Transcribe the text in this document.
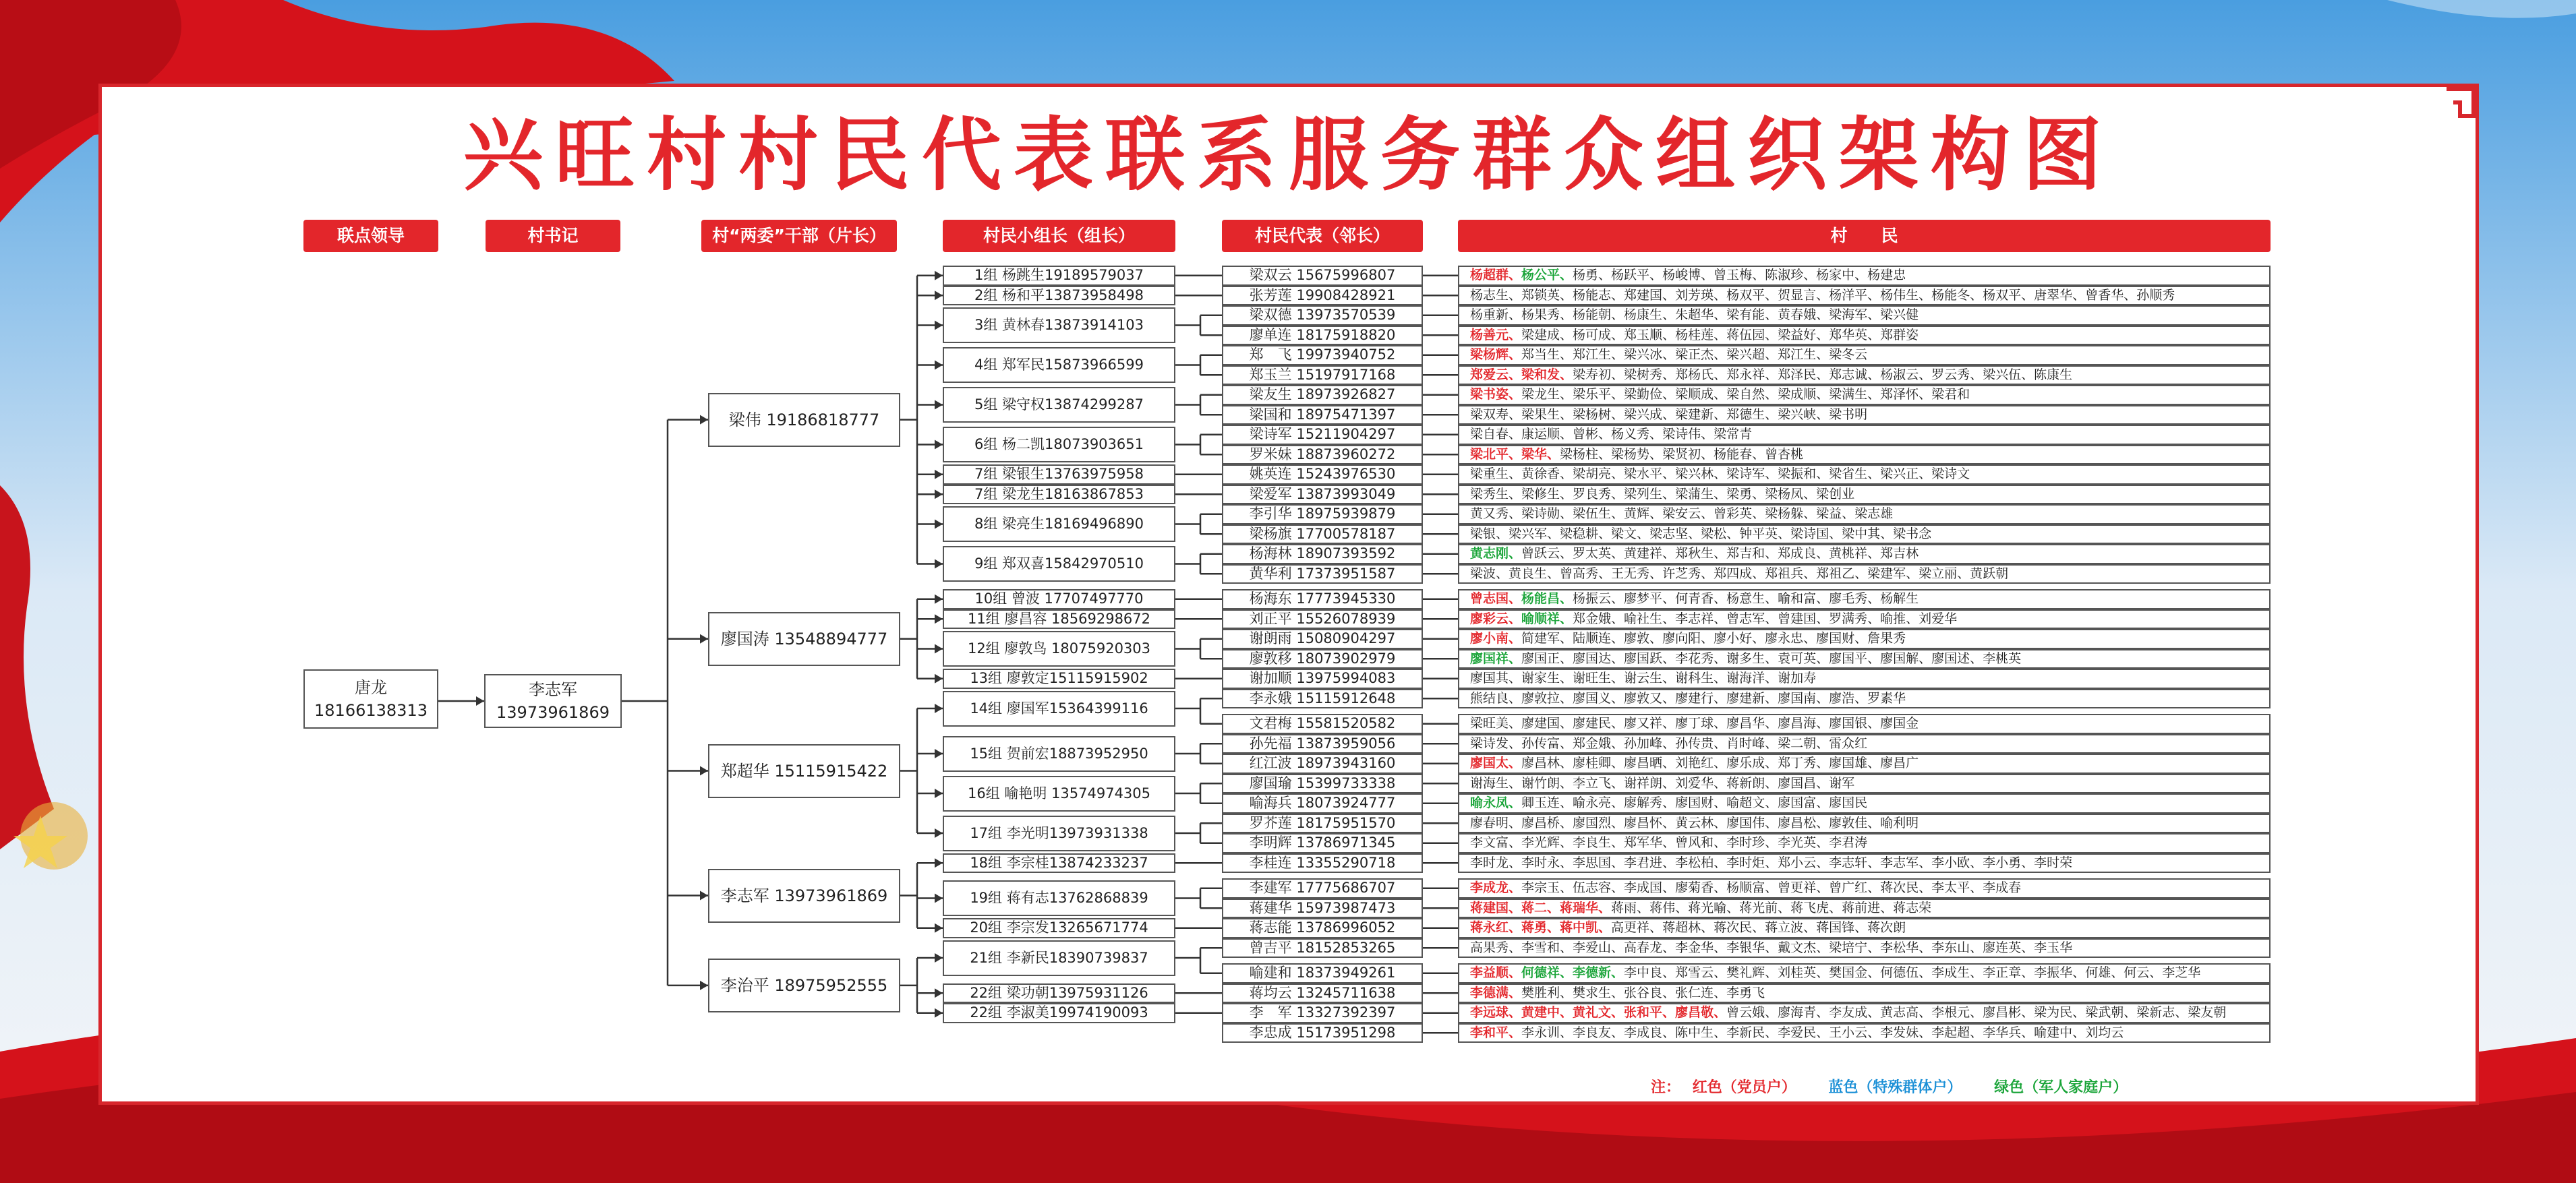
兴旺村村民代表联系服务群众组织架构图
联点领导	村书记	村“两委”干部（片长）	村民小组长（组长）	村民代表（邻长）	村　　民
唐龙
18166138313
李志军
13973961869
梁双云 15675996807	杨超群、杨公平、杨勇、杨跃平、杨峻博、曾玉梅、陈淑珍、杨家中、杨建忠
张芳莲 19908428921	杨志生、郑锁英、杨能志、郑建国、刘芳瑛、杨双平、贺显言、杨洋平、杨伟生、杨能冬、杨双平、唐翠华、曾香华、孙顺秀
梁双德 13973570539	杨重新、杨果秀、杨能朝、杨康生、朱超华、梁有能、黄春娥、梁海军、梁兴健
廖单连 18175918820	杨善元、梁建成、杨可成、郑玉顺、杨桂莲、蒋伍园、梁益好、郑华英、郑群姿
郑　飞 19973940752	梁杨辉、郑当生、郑江生、梁兴冰、梁正杰、梁兴超、郑江生、梁冬云
郑玉兰 15197917168	郑爱云、梁和发、梁寿初、梁树秀、郑杨氏、郑永祥、郑泽民、郑志诚、杨淑云、罗云秀、梁兴伍、陈康生
梁友生 18973926827	梁书姿、梁龙生、梁乐平、梁勤俭、梁顺成、梁自然、梁成顺、梁满生、郑泽怀、梁君和
梁国和 18975471397	梁双寿、梁果生、梁杨树、梁兴成、梁建新、郑德生、梁兴峡、梁书明
梁诗军 15211904297	梁自春、康运顺、曾彬、杨义秀、梁诗伟、梁常青
罗米妹 18873960272	梁北平、梁华、梁杨柱、梁杨势、梁贤初、杨能春、曾杏桃
姚英连 15243976530	梁重生、黄徐香、梁胡亮、梁水平、梁兴林、梁诗军、梁振和、梁省生、梁兴正、梁诗文
梁爱军 13873993049	梁秀生、梁修生、罗良秀、梁列生、梁蒲生、梁勇、梁杨凤、梁创业
李引华 18975939879	黄又秀、梁诗勋、梁伍生、黄辉、梁安云、曾彩英、梁杨躲、梁益、梁志雄
梁杨旗 17700578187	梁银、梁兴军、梁稳耕、梁文、梁志坚、梁松、钟平英、梁诗国、梁中其、梁书念
杨海林 18907393592	黄志刚、曾跃云、罗太英、黄建祥、郑秋生、郑吉和、郑成良、黄桃祥、郑吉林
黄华利 17373951587	梁波、黄良生、曾高秀、王无秀、许芝秀、郑四成、郑祖兵、郑祖乙、梁建军、梁立丽、黄跃朝
杨海东 17773945330	曾志国、杨能昌、杨振云、廖梦平、何青香、杨意生、喻和富、廖毛秀、杨解生
刘正平 15526078939	廖彩云、喻顺祥、郑金娥、喻社生、李志祥、曾志军、曾建国、罗满秀、喻推、刘爱华
谢朗雨 15080904297	廖小南、简建军、陆顺连、廖敦、廖向阳、廖小好、廖永忠、廖国财、詹果秀
廖敦移 18073902979	廖国祥、廖国正、廖国达、廖国跃、李花秀、谢多生、袁可英、廖国平、廖国解、廖国述、李桃英
谢加顺 13975994083	廖国其、谢家生、谢旺生、谢云生、谢科生、谢海洋、谢加寿
李永娥 15115912648	熊结良、廖敦拉、廖国义、廖敦又、廖建行、廖建新、廖国南、廖浩、罗素华
文君梅 15581520582	梁旺美、廖建国、廖建民、廖又祥、廖丁球、廖昌华、廖昌海、廖国银、廖国金
孙先福 13873959056	梁诗发、孙传富、郑金娥、孙加峰、孙传贵、肖时峰、梁二朝、雷众红
红江波 18973943160	廖国太、廖昌林、廖桂卿、廖昌晒、刘艳红、廖乐成、郑丁秀、廖国雄、廖昌广
廖国瑜 15399733338	谢海生、谢竹朗、李立飞、谢祥朗、刘爱华、蒋新朗、廖国昌、谢军
喻海兵 18073924777	喻永凤、卿玉连、喻永亮、廖解秀、廖国财、喻超文、廖国富、廖国民
罗芥莲 18175951570	廖春明、廖昌桥、廖国烈、廖昌怀、黄云林、廖国伟、廖昌松、廖敦佳、喻利明
李明辉 13786971345	李文富、李光辉、李良生、郑军华、曾风和、李时珍、李光英、李君涛
李桂连 13355290718	李时龙、李时永、李思国、李君进、李松柏、李时炬、郑小云、李志轩、李志军、李小欧、李小勇、李时荣
李建军 17775686707	李成龙、李宗玉、伍志容、李成国、廖菊香、杨顺富、曾更祥、曾广红、蒋次民、李太平、李成春
蒋建华 15973987473	蒋建国、蒋二、蒋瑞华、蒋雨、蒋伟、蒋光喻、蒋光前、蒋飞虎、蒋前进、蒋志荣
蒋志能 13786996052	蒋永红、蒋勇、蒋中凯、高更祥、蒋超林、蒋次民、蒋立波、蒋国锋、蒋次朗
曾吉平 18152853265	高果秀、李雪和、李爱山、高春龙、李金华、李银华、戴文杰、梁培宁、李松华、李东山、廖连英、李玉华
喻建和 18373949261	李益顺、何德祥、李德新、李中良、郑雪云、樊礼辉、刘桂英、樊国金、何德伍、李成生、李正章、李振华、何雄、何云、李芝华
蒋均云 13245711638	李德满、樊胜利、樊求生、张谷良、张仁连、李勇飞
李　军 13327392397	李远球、黄建中、黄礼文、张和平、廖昌敬、曾云娥、廖海青、李友成、黄志高、李根元、廖昌彬、梁为民、梁武朝、梁新志、梁友朝
李忠成 15173951298	李和平、李永训、李良友、李成良、陈中生、李新民、李爱民、王小云、李发妹、李起超、李华兵、喻建中、刘均云
1组 杨跳生19189579037
2组 杨和平13873958498
3组 黄林春13873914103
4组 郑军民15873966599
5组 梁守权13874299287
6组 杨二凯18073903651
7组 梁银生13763975958
7组 梁龙生18163867853
8组 梁亮生18169496890
9组 郑双喜15842970510
10组 曾波 17707497770
11组 廖昌容 18569298672
12组 廖敦鸟 18075920303
13组 廖敦定15115915902
14组 廖国军15364399116
15组 贺前宏18873952950
16组 喻艳明 13574974305
17组 李光明13973931338
18组 李宗桂13874233237
19组 蒋有志13762868839
20组 李宗发13265671774
21组 李新民18390739837
22组 梁功朝13975931126
22组 李淑美19974190093
梁伟 19186818777
廖国涛 13548894777
郑超华 15115915422
李志军 13973961869
李治平 18975952555
注： 红色（党员户） 蓝色（特殊群体户） 绿色（军人家庭户）
